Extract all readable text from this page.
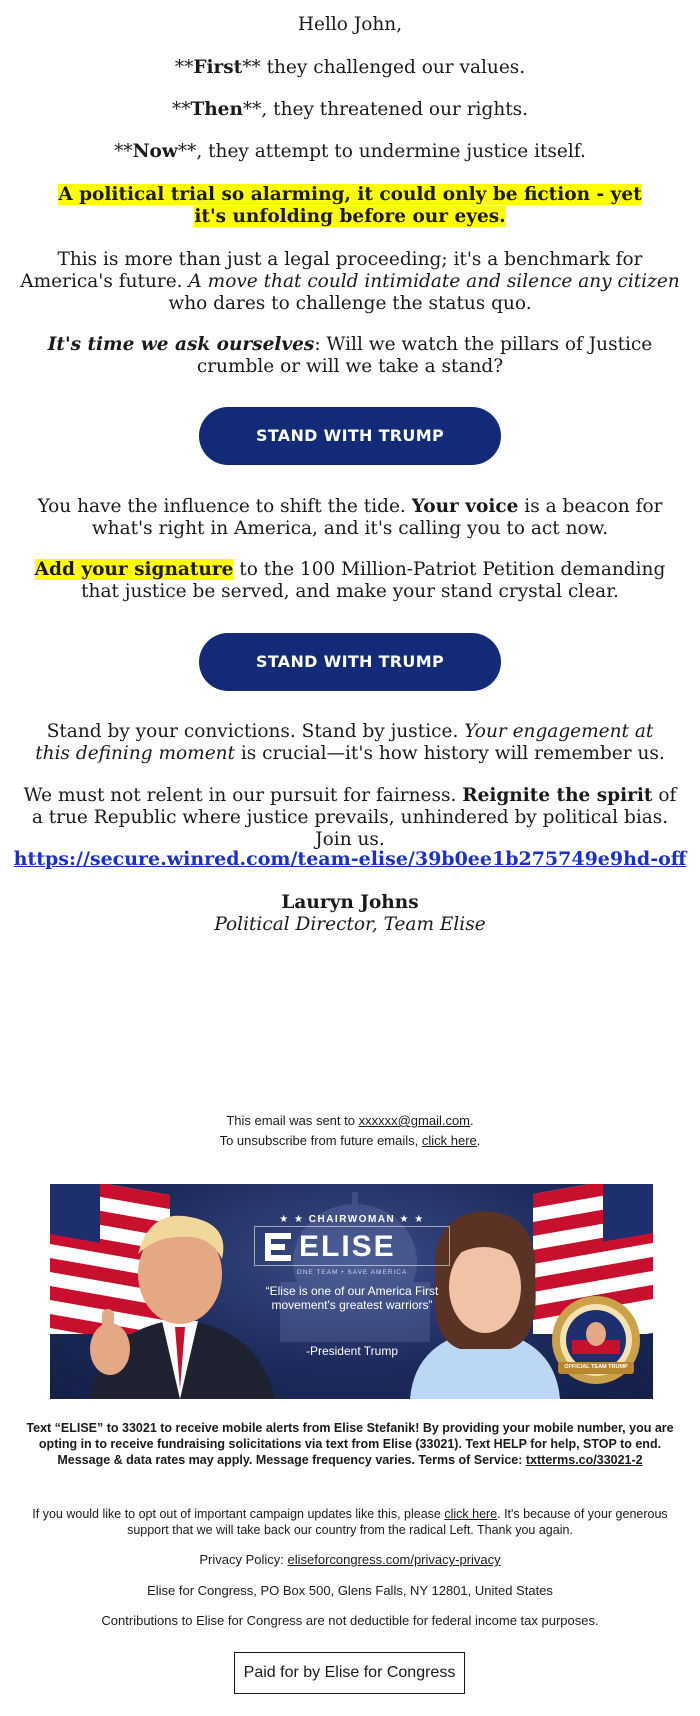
Hello John,

**First** they challenged our values.

**Then**, they threatened our rights.

**Now**, they attempt to undermine justice itself.

A political trial so alarming, it could only be fiction - yet it's unfolding before our eyes.

This is more than just a legal proceeding; it's a benchmark for America's future. A move that could intimidate and silence any citizen who dares to challenge the status quo.

It's time we ask ourselves: Will we watch the pillars of Justice crumble or will we take a stand?

STAND WITH TRUMP

You have the influence to shift the tide. Your voice is a beacon for what's right in America, and it's calling you to act now.

Add your signature to the 100 Million-Patriot Petition demanding that justice be served, and make your stand crystal clear.

STAND WITH TRUMP

Stand by your convictions. Stand by justice. Your engagement at this defining moment is crucial—it's how history will remember us.

We must not relent in our pursuit for fairness. Reignite the spirit of a true Republic where justice prevails, unhindered by political bias. Join us.

https://secure.winred.com/team-elise/39b0ee1b275749e9hd-off

Lauryn Johns

Political Director, Team Elise

This email was sent to xxxxxx@gmail.com.

To unsubscribe from future emails, click here.

★ ★ CHAIRWOMAN ★ ★
ELISE
ONE TEAM • SAVE AMERICA
“Elise is one of our America First movement's greatest warriors”
-President Trump
OFFICIAL TEAM TRUMP

Text “ELISE” to 33021 to receive mobile alerts from Elise Stefanik! By providing your mobile number, you are opting in to receive fundraising solicitations via text from Elise (33021). Text HELP for help, STOP to end. Message & data rates may apply. Message frequency varies. Terms of Service: txtterms.co/33021-2

If you would like to opt out of important campaign updates like this, please click here. It's because of your generous support that we will take back our country from the radical Left. Thank you again.

Privacy Policy: eliseforcongress.com/privacy-privacy

Elise for Congress, PO Box 500, Glens Falls, NY 12801, United States

Contributions to Elise for Congress are not deductible for federal income tax purposes.

Paid for by Elise for Congress
